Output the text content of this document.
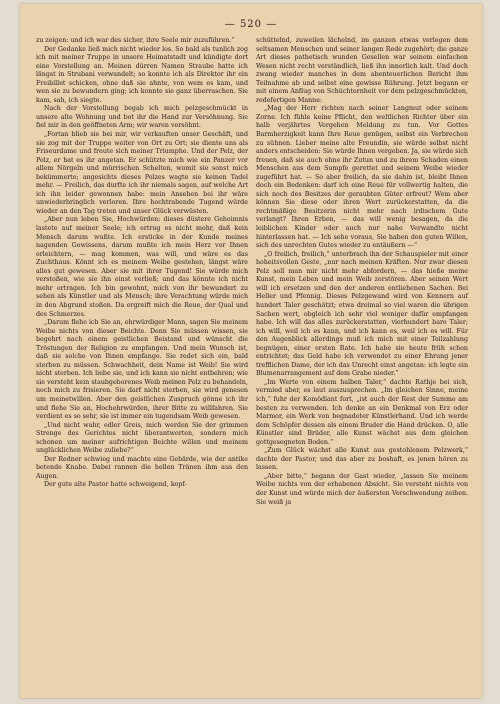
— 520 —

zu zeigen: und ich war des sicher, ihre Seele mir zuzuführen.“

Der Gedanke ließ mich nicht wieder los. So bald als tunlich zog ich mit meiner Truppe in unsere Heimatstadt und kündigte dort eine Vorstellung an. Meinen dürren Namen Straube hatte ich längst in Strubani verwandelt; so konnte ich als Direktor ihr ein Freibillet schicken, ohne daß sie ahnte, von wem es kam, und wen sie zu bewundern ging; ich konnte sie ganz überraschen. Sie kam, sah, ich siegte.

Nach der Vorstellung begab ich mich pelzgeschmückt in unsere alte Wohnung und bot ihr die Hand zur Versöhnung. Sie fiel mir in den geöffneten Arm; wir waren versöhnt.

„Fortan blieb sie bei mir, wir verkauften unser Geschäft, und sie zog mit der Truppe weiter von Ort zu Ort; sie diente uns als Friseurdame und freute sich meiner Triumphe. Und der Pelz, der Pelz, er hat es ihr angetan. Er schützte mich wie ein Panzer vor allem Nörgeln und mürrischen Schelten, womit sie sonst mich bekümmerte; angesichts dieses Pelzes wagte sie keinen Tadel mehr. — Freilich, das durfte ich ihr niemals sagen, auf welche Art ich ihn leider gewonnen habe: mein Ansehen bei ihr wäre unwiederbringlich verloren. Ihre hochtrabende Tugend würde wieder an den Tag treten und unser Glück verwüsten.

„Aber nun leben Sie, Hochwürden: dieses düstere Geheimnis lastete auf meiner Seele; ich ertrug es nicht mehr, daß kein Mensch darum wußte. Ich ersticke in der Kunde meines nagenden Gewissens, darum mußte ich mein Herz vor Ihnen erleichtern, — mag kommen, was will, und wäre es das Zuchthaus. Könnt ich es meinem Weibe gestehen, längst wäre alles gut gewesen. Aber sie mit ihrer Tugend! Sie würde mich verstoßen, wie sie ihn einst verließ; und das könnte ich nicht mehr ertragen. Ich bin gewohnt, mich von ihr bewundert zu sehen als Künstler und als Mensch; ihre Verachtung würde mich in den Abgrund stoßen. Da ergreift mich die Reue, der Qual und des Schmerzes.

„Darum flehe ich Sie an, ehrwürdiger Mann, sagen Sie meinem Weibe nichts von dieser Beichte. Denn Sie müssen wissen, sie begehrt nach einem geistlichen Beistand und wünscht die Tröstungen der Religion zu empfangen. Und mein Wunsch ist, daß sie solche von Ihnen empfange. Sie redet sich ein, bald sterben zu müssen. Schwachheit, dein Name ist Weib! Sie wird nicht sterben. Ich liebe sie, und ich kann sie nicht entbehren; wie sie versteht kein staubgeborenes Weib meinen Pelz zu behandeln, noch mich zu frisieren. Sie darf nicht sterben, sie wird genesen um meinetwillen. Aber den geistlichen Zuspruch gönne ich ihr und flehe Sie an, Hochehrwürden, ihrer Bitte zu willfahren. Sie verdient es so sehr, sie ist immer ein tugendsam Weib gewesen.

„Und nicht wahr, edler Greis, mich werden Sie der grimmen Strenge des Gerichtes nicht überantworten, sondern mich schonen um meiner aufrichtigen Beichte willen und meinem unglücklichen Weibe zuliebe?“

Der Redner schwieg und machte eine Gebärde, wie der antike betende Knabe. Dabei rannen die hellen Tränen ihm aus den Augen.

Der gute alte Pastor hatte schweigend, kopf-

schüttelnd, zuweilen lächelnd, im ganzen etwas verlegen dem seltsamen Menschen und seiner langen Rede zugehört; die ganze Art dieses pathetisch wunden Gesellen war seinem einfachen Wesen nicht recht verständlich, ließ ihn innerlich kalt. Und doch zwang wieder manches in dem abenteuerlichen Bericht ihm Teilnahme ab und selbst eine gewisse Rührung. Jetzt begann er mit einem Anflug von Schüchternheit vor dem pelzgeschmückten, redefertigen Manne:

„Mag der Herr richten nach seiner Langmut oder seinem Zorne. Ich fühle keine Pflicht, den weltlichen Richter über ein halb verjährtes Vergehen Meldung zu tun. Vor Gottes Barmherzigkeit kann Ihre Reue genügen, selbst ein Verbrechen zu sühnen. Lieber meine alte Freundin, sie würde selbst nicht anders entscheiden: Sie würde Ihnen vergeben. Ja, sie würde sich freuen, daß sie auch ohne ihr Zutun und zu ihrem Schaden einen Menschen aus dem Sumpfe gerettet und seinem Weibe wieder zugeführt hat. — So aber freilich, da sie dahin ist, bleibt Ihnen doch ein Bedenken: darf ich eine Reue für vollwertig halten, die sich noch des Besitzes der geraubten Güter erfreut? Wem aber können Sie diese oder ihren Wert zurückerstatten, da die rechtmäßige Besitzerin nicht mehr nach irdischem Gute verlangt? Ihren Erben, — das will wenig besagen, da die leiblichen Kinder oder auch nur nahe Verwandte nicht hinterlassen hat. — Ich sehe voraus, Sie haben den guten Willen, sich des unrechten Gutes wieder zu entäußern —“

„O freilich, freilich,“ unterbrach ihn der Schauspieler mit einer hoheitsvollen Geste, „nur nach meinen Kräften. Nur zwar diesen Pelz soll man mir nicht mehr abfordern, — das hieße meine Kunst, mein Leben und mein Weib zerstören. Aber seinen Wert will ich ersetzen und den der anderen entliehenen Sachen. Bei Heller und Pfennig. Dieses Pelzgewand wird von Kennern auf hundert Taler geschätzt; etwa dreimal so viel waren die übrigen Sachen wert, obgleich ich sehr viel weniger dafür empfangen habe. Ich will das alles zurückerstatten, vierhundert bare Taler; ich will, weil ich es kann, und ich kann es, weil ich es will. Für den Augenblick allerdings muß ich mich mit einer Teilzahlung begnügen, einer ersten Rate. Ich habe sie heute früh schon entrichtet; das Geld habe ich verwendet zu einer Ehrung jener trefflichen Dame, der ich das Unrecht einst angetan: ich legte ein Blumenarrangement auf dem Grabe nieder.“

„Im Werte von einem halben Taler,“ dachte Rathje bei sich, vermied aber, es laut auszusprechen. „Im gleichen Sinne, meine ich,“ fuhr der Komödiant fort, „ist auch der Rest der Summe am besten zu verwenden. Ich denke an ein Denkmal von Erz oder Marmor, ein Werk von begnadeter Künstlerhand. Und ich werde dem Schöpfer dessen als einem Bruder die Hand drücken. O, alle Künstler sind Brüder, alle Kunst wächst aus dem gleichen gottgesegneten Boden.“

„Zum Glück wächst alle Kunst aus gestohlenem Pelzwerk,“ dachte der Pastor, und das aber zu boshaft, es jenen hören zu lassen.

„Aber bitte,“ begann der Gast wieder, „lassen Sie meinem Weibe nichts von der erhabenen Absicht. Sie versteht nichts von der Kunst und würde mich der äußersten Verschwendung zeihen. Sie weiß ja
